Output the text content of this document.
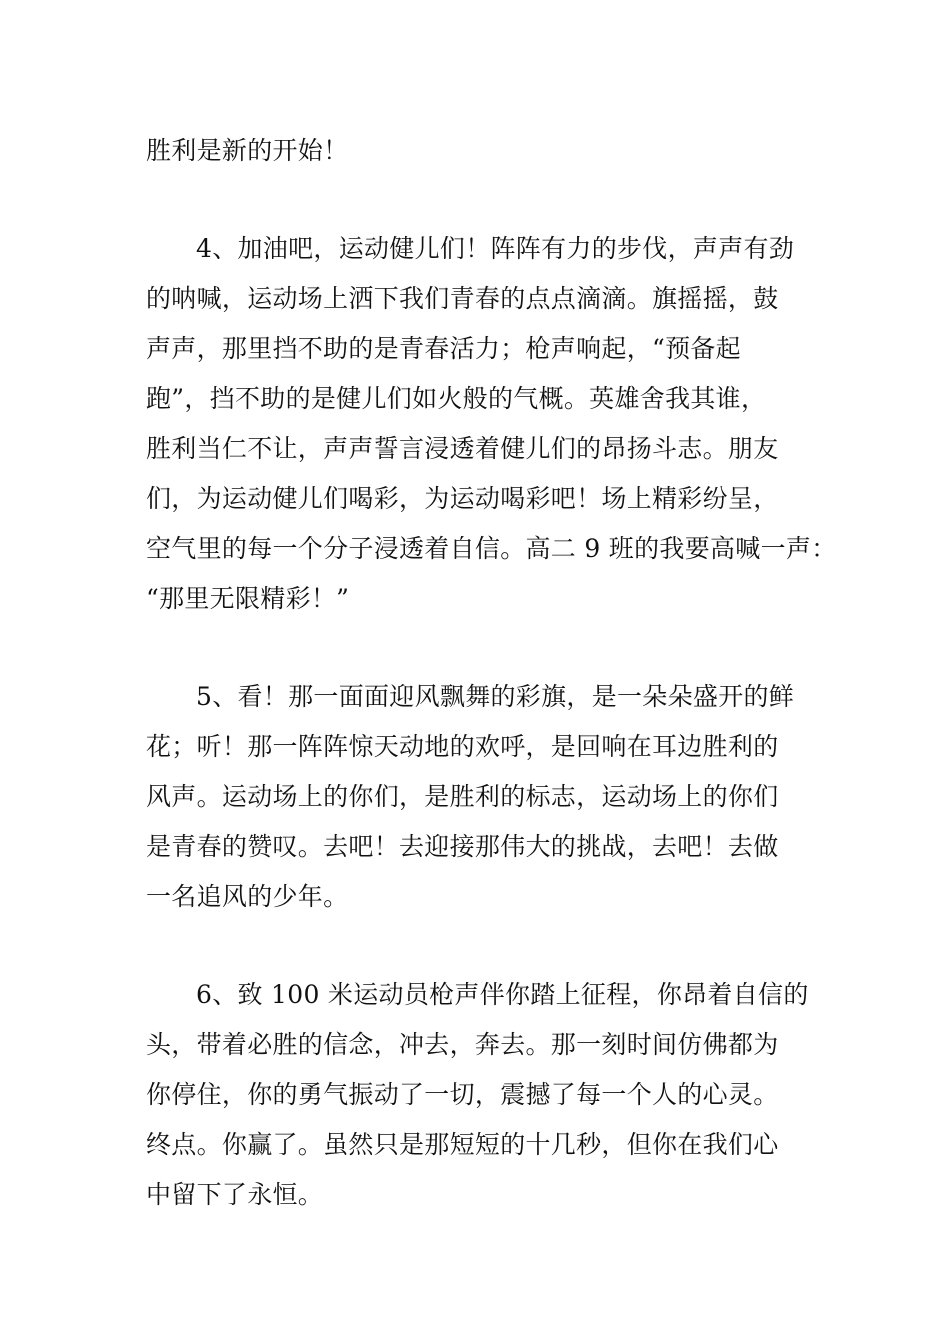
胜利是新的开始！
4、加油吧，运动健儿们！阵阵有力的步伐，声声有劲
的呐喊，运动场上洒下我们青春的点点滴滴。旗摇摇，鼓
声声，那里挡不助的是青春活力；枪声响起，“预备起
跑”，挡不助的是健儿们如火般的气概。英雄舍我其谁，
胜利当仁不让，声声誓言浸透着健儿们的昂扬斗志。朋友
们，为运动健儿们喝彩，为运动喝彩吧！场上精彩纷呈，
空气里的每一个分子浸透着自信。高二 9 班的我要高喊一声：
“那里无限精彩！”
5、看！那一面面迎风飘舞的彩旗，是一朵朵盛开的鲜
花；听！那一阵阵惊天动地的欢呼，是回响在耳边胜利的
风声。运动场上的你们，是胜利的标志，运动场上的你们
是青春的赞叹。去吧！去迎接那伟大的挑战，去吧！去做
一名追风的少年。
6、致 100 米运动员枪声伴你踏上征程，你昂着自信的
头，带着必胜的信念，冲去，奔去。那一刻时间仿佛都为
你停住，你的勇气振动了一切，震撼了每一个人的心灵。
终点。你赢了。虽然只是那短短的十几秒，但你在我们心
中留下了永恒。
